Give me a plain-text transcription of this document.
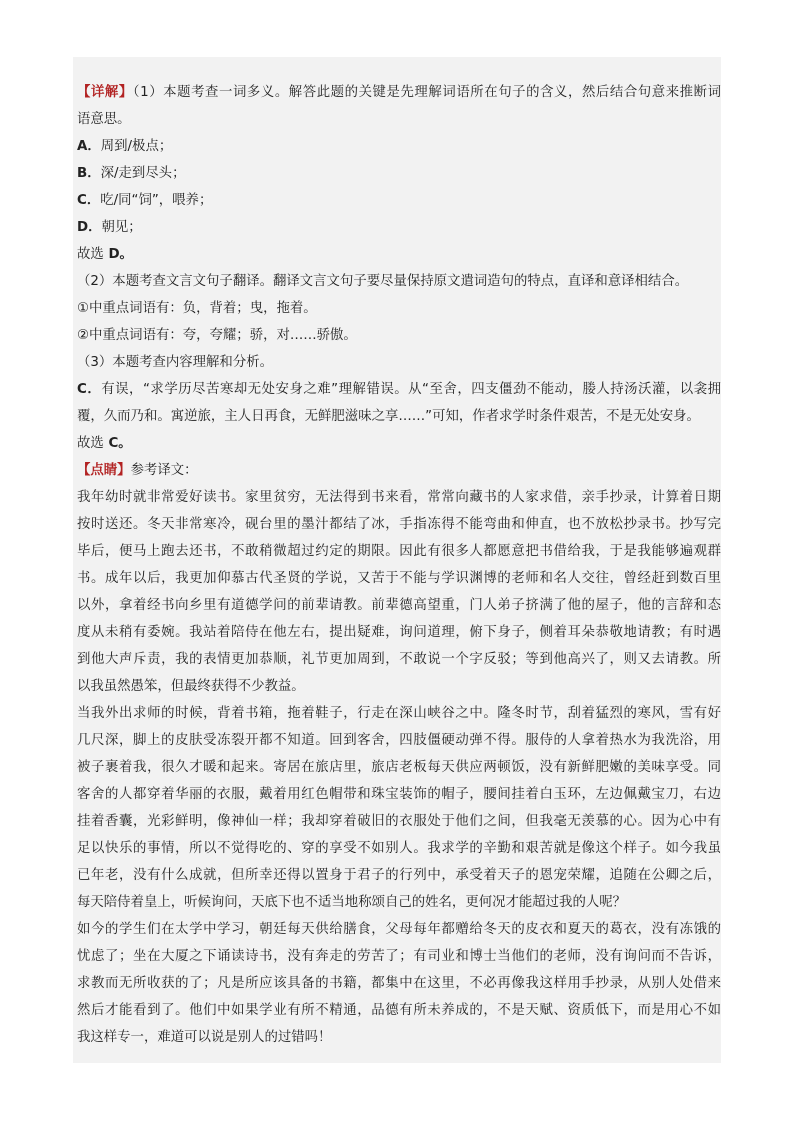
【详解】（1）本题考查一词多义。解答此题的关键是先理解词语所在句子的含义，然后结合句意来推断词
语意思。
A．周到/极点；
B．深/走到尽头；
C．吃/同“饲”，喂养；
D．朝见；
故选 D。
（2）本题考查文言文句子翻译。翻译文言文句子要尽量保持原文遣词造句的特点，直译和意译相结合。
①中重点词语有：负，背着；曳，拖着。
②中重点词语有：夸，夸耀；骄，对……骄傲。
（3）本题考查内容理解和分析。
C．有误，“求学历尽苦寒却无处安身之难”理解错误。从“至舍，四支僵劲不能动，媵人持汤沃灌，以衾拥
覆，久而乃和。寓逆旅，主人日再食，无鲜肥滋味之享……”可知，作者求学时条件艰苦，不是无处安身。
故选 C。
【点睛】参考译文：
我年幼时就非常爱好读书。家里贫穷，无法得到书来看，常常向藏书的人家求借，亲手抄录，计算着日期
按时送还。冬天非常寒冷，砚台里的墨汁都结了冰，手指冻得不能弯曲和伸直，也不放松抄录书。抄写完
毕后，便马上跑去还书，不敢稍微超过约定的期限。因此有很多人都愿意把书借给我，于是我能够遍观群
书。成年以后，我更加仰慕古代圣贤的学说，又苦于不能与学识渊博的老师和名人交往，曾经赶到数百里
以外，拿着经书向乡里有道德学问的前辈请教。前辈德高望重，门人弟子挤满了他的屋子，他的言辞和态
度从未稍有委婉。我站着陪侍在他左右，提出疑难，询问道理，俯下身子，侧着耳朵恭敬地请教；有时遇
到他大声斥责，我的表情更加恭顺，礼节更加周到，不敢说一个字反驳；等到他高兴了，则又去请教。所
以我虽然愚笨，但最终获得不少教益。
当我外出求师的时候，背着书箱，拖着鞋子，行走在深山峡谷之中。隆冬时节，刮着猛烈的寒风，雪有好
几尺深，脚上的皮肤受冻裂开都不知道。回到客舍，四肢僵硬动弹不得。服侍的人拿着热水为我洗浴，用
被子裹着我，很久才暖和起来。寄居在旅店里，旅店老板每天供应两顿饭，没有新鲜肥嫩的美味享受。同
客舍的人都穿着华丽的衣服，戴着用红色帽带和珠宝装饰的帽子，腰间挂着白玉环，左边佩戴宝刀，右边
挂着香囊，光彩鲜明，像神仙一样；我却穿着破旧的衣服处于他们之间，但我毫无羡慕的心。因为心中有
足以快乐的事情，所以不觉得吃的、穿的享受不如别人。我求学的辛勤和艰苦就是像这个样子。如今我虽
已年老，没有什么成就，但所幸还得以置身于君子的行列中，承受着天子的恩宠荣耀，追随在公卿之后，
每天陪侍着皇上，听候询问，天底下也不适当地称颂自己的姓名，更何况才能超过我的人呢？
如今的学生们在太学中学习，朝廷每天供给膳食，父母每年都赠给冬天的皮衣和夏天的葛衣，没有冻饿的
忧虑了；坐在大厦之下诵读诗书，没有奔走的劳苦了；有司业和博士当他们的老师，没有询问而不告诉，
求教而无所收获的了；凡是所应该具备的书籍，都集中在这里，不必再像我这样用手抄录，从别人处借来
然后才能看到了。他们中如果学业有所不精通，品德有所未养成的，不是天赋、资质低下，而是用心不如
我这样专一，难道可以说是别人的过错吗！
